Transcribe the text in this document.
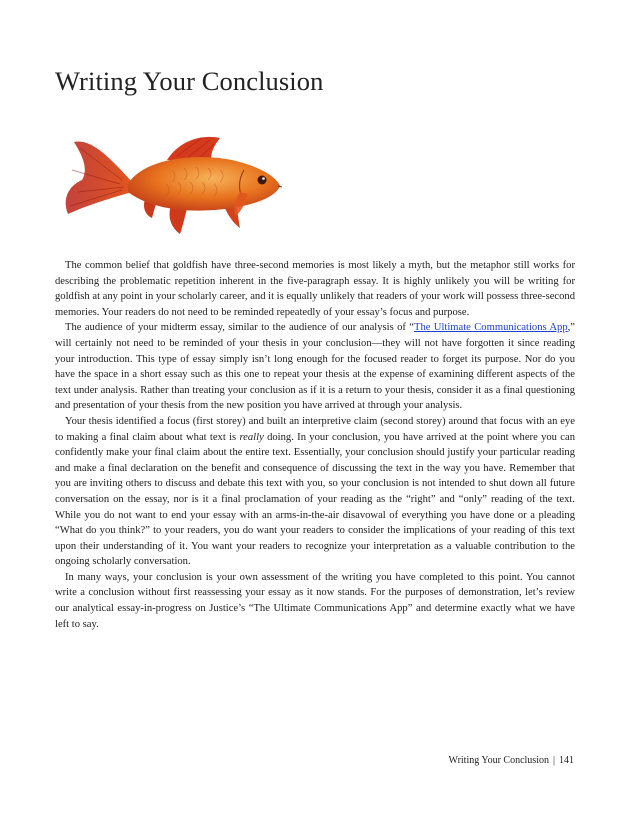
Writing Your Conclusion

The common belief that goldfish have three-second memories is most likely a myth, but the metaphor still works for describing the problematic repetition inherent in the five-paragraph essay. It is highly unlikely you will be writing for goldfish at any point in your scholarly career, and it is equally unlikely that readers of your work will possess three-second memories. Your readers do not need to be reminded repeatedly of your essay’s focus and purpose.

The audience of your midterm essay, similar to the audience of our analysis of “The Ultimate Communications App,” will certainly not need to be reminded of your thesis in your conclusion—they will not have forgotten it since reading your introduction. This type of essay simply isn’t long enough for the focused reader to forget its purpose. Nor do you have the space in a short essay such as this one to repeat your thesis at the expense of examining different aspects of the text under analysis. Rather than treating your conclusion as if it is a return to your thesis, consider it as a final questioning and presentation of your thesis from the new position you have arrived at through your analysis.

Your thesis identified a focus (first storey) and built an interpretive claim (second storey) around that focus with an eye to making a final claim about what text is really doing. In your conclusion, you have arrived at the point where you can confidently make your final claim about the entire text. Essentially, your conclusion should justify your particular reading and make a final declaration on the benefit and consequence of discussing the text in the way you have. Remember that you are inviting others to discuss and debate this text with you, so your conclusion is not intended to shut down all future conversation on the essay, nor is it a final proclamation of your reading as the “right” and “only” reading of the text. While you do not want to end your essay with an arms-in-the-air disavowal of everything you have done or a pleading “What do you think?” to your readers, you do want your readers to consider the implications of your reading of this text upon their understanding of it. You want your readers to recognize your interpretation as a valuable contribution to the ongoing scholarly conversation.

In many ways, your conclusion is your own assessment of the writing you have completed to this point. You cannot write a conclusion without first reassessing your essay as it now stands. For the purposes of demonstration, let’s review our analytical essay-in-progress on Justice’s “The Ultimate Communications App” and determine exactly what we have left to say.

Writing Your Conclusion | 141
